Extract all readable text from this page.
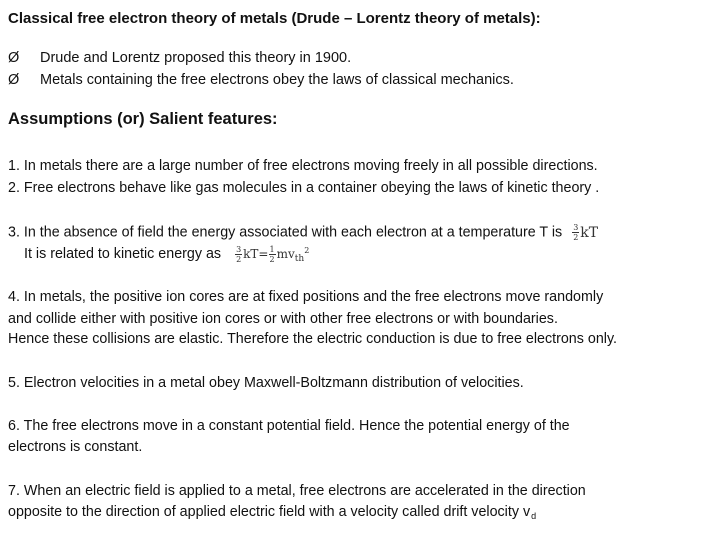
Classical free electron theory of metals (Drude – Lorentz theory of metals):
Ø Drude and Lorentz proposed this theory in 1900.
Ø Metals containing the free electrons obey the laws of classical mechanics.
Assumptions (or) Salient features:
1. In metals there are a large number of free electrons moving freely in all possible directions.
2. Free electrons behave like gas molecules in a container obeying the laws of kinetic theory .
3. In the absence of field the energy associated with each electron at a temperature T is $\frac{3}{2}$ kT
It is related to kinetic energy as $\frac{3}{2} kT= \frac{1}{2} mv_{th}^2$
4. In metals, the positive ion cores are at fixed positions and the free electrons move randomly
and collide either with positive ion cores or with other free electrons or with boundaries.
Hence these collisions are elastic. Therefore the electric conduction is due to free electrons only.
5. Electron velocities in a metal obey Maxwell-Boltzmann distribution of velocities.
6. The free electrons move in a constant potential field. Hence the potential energy of the
electrons is constant.
7. When an electric field is applied to a metal, free electrons are accelerated in the direction
opposite to the direction of applied electric field with a velocity called drift velocity $v_d$
